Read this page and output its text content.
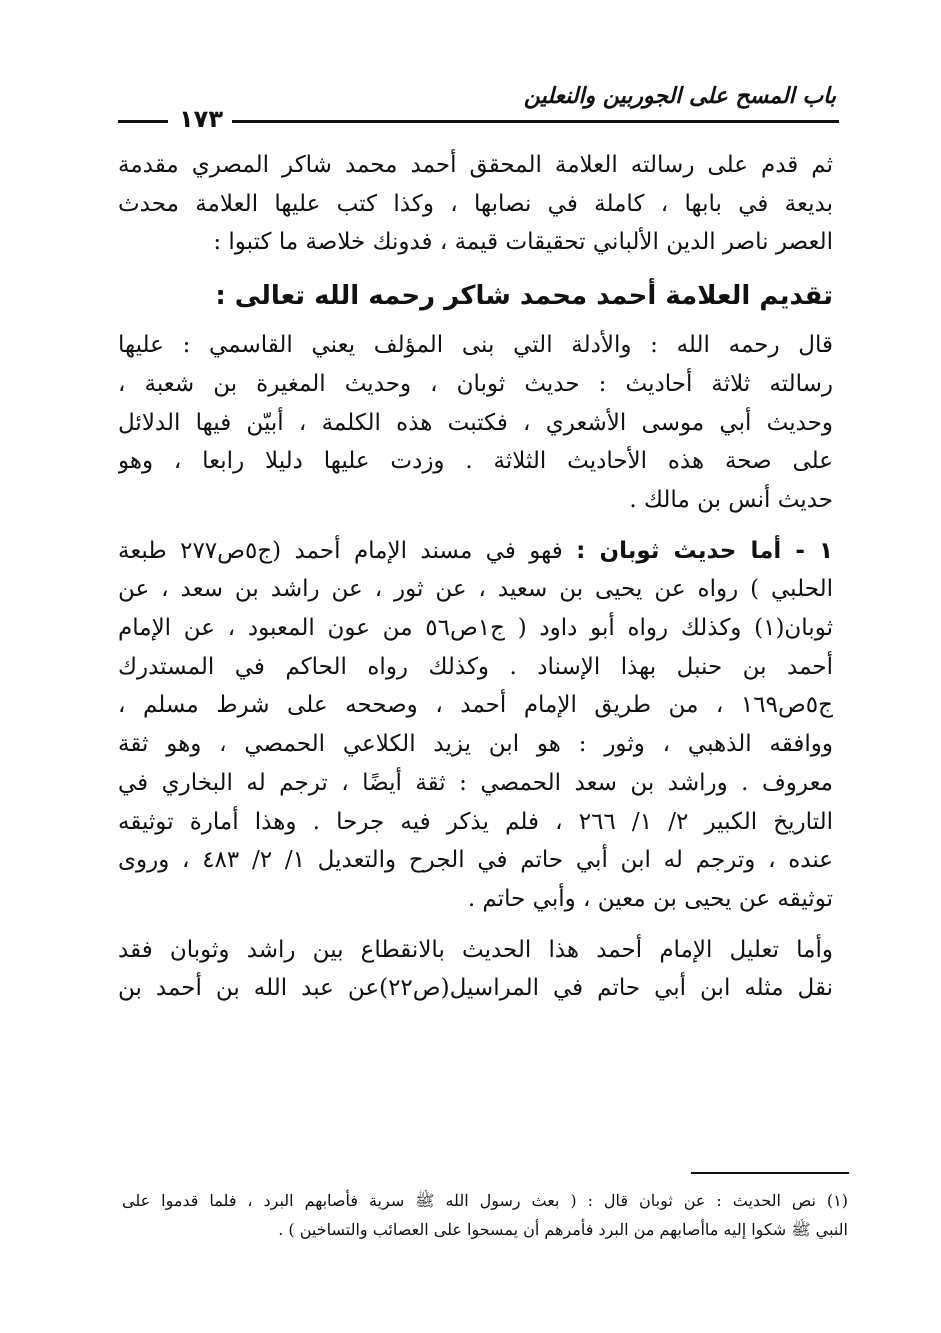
باب المسح على الجوربين والنعلين
١٧٣
ثم قدم على رسالته العلامة المحقق أحمد محمد شاكر المصري مقدمة
بديعة في بابها ، كاملة في نصابها ، وكذا كتب عليها العلامة محدث
العصر ناصر الدين الألباني تحقيقات قيمة ، فدونك خلاصة ما كتبوا :
تقديم العلامة أحمد محمد شاكر رحمه الله تعالى :
قال رحمه الله : والأدلة التي بنى المؤلف يعني القاسمي : عليها
رسالته ثلاثة أحاديث : حديث ثوبان ، وحديث المغيرة بن شعبة ،
وحديث أبي موسى الأشعري ، فكتبت هذه الكلمة ، أبيّن فيها الدلائل
على صحة هذه الأحاديث الثلاثة . وزدت عليها دليلا رابعا ، وهو
حديث أنس بن مالك .
١ - أما حديث ثوبان : فهو في مسند الإمام أحمد (ج٥ص٢٧٧ طبعة
الحلبي ) رواه عن يحيى بن سعيد ، عن ثور ، عن راشد بن سعد ، عن
ثوبان(١) وكذلك رواه أبو داود ( ج١ص٥٦ من عون المعبود ، عن الإمام
أحمد بن حنبل بهذا الإسناد . وكذلك رواه الحاكم في المستدرك
ج٥ص١٦٩ ، من طريق الإمام أحمد ، وصححه على شرط مسلم ،
ووافقه الذهبي ، وثور : هو ابن يزيد الكلاعي الحمصي ، وهو ثقة
معروف . وراشد بن سعد الحمصي : ثقة أيضًا ، ترجم له البخاري في
التاريخ الكبير ٢/ ١/ ٢٦٦ ، فلم يذكر فيه جرحا . وهذا أمارة توثيقه
عنده ، وترجم له ابن أبي حاتم في الجرح والتعديل ١/ ٢/ ٤٨٣ ، وروى
توثيقه عن يحيى بن معين ، وأبي حاتم .
وأما تعليل الإمام أحمد هذا الحديث بالانقطاع بين راشد وثوبان فقد
نقل مثله ابن أبي حاتم في المراسيل(ص٢٢)عن عبد الله بن أحمد بن
(١) نص الحديث : عن ثوبان قال : ( بعث رسول الله ﷺ سرية فأصابهم البرد ، فلما قدموا على
النبي ﷺ شكوا إليه ماأصابهم من البرد فأمرهم أن يمسحوا على العصائب والتساخين ) .
